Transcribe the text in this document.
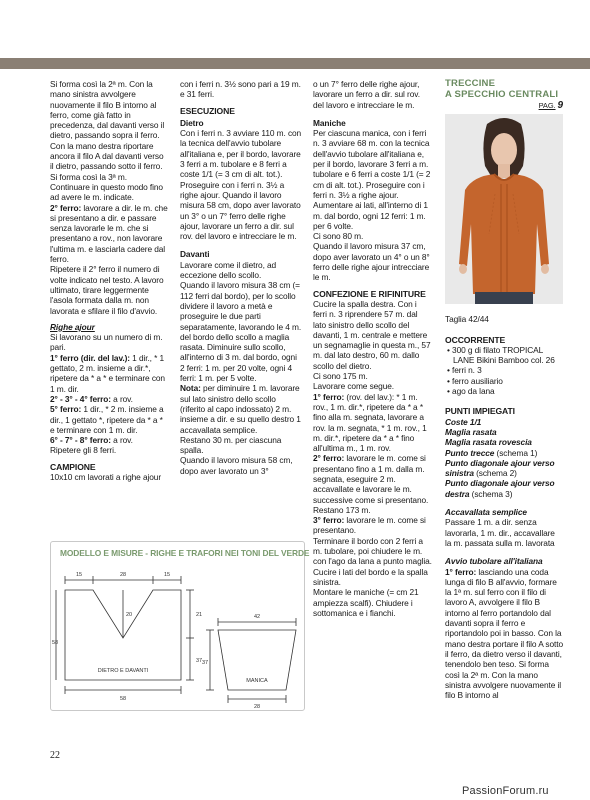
Si forma così la 2ª m. Con la mano sinistra avvolgere nuovamente il filo B intorno al ferro, come già fatto in precedenza, dal davanti verso il dietro, passando sopra il ferro. Con la mano destra riportare ancora il filo A dal davanti verso il dietro, passando sotto il ferro. Si forma così la 3ª m. Continuare in questo modo fino ad avere le m. indicate.

2° ferro: lavorare a dir. le m. che si presentano a dir. e passare senza lavorarle le m. che si presentano a rov., non lavorare l'ultima m. e lasciarla cadere dal ferro.

Ripetere il 2° ferro il numero di volte indicato nel testo. A lavoro ultimato, tirare leggermente l'asola formata dalla m. non lavorata e sfilare il filo d'avvio.

Righe ajour

Si lavorano su un numero di m. pari.

1° ferro (dir. del lav.): 1 dir., * 1 gettato, 2 m. insieme a dir.*, ripetere da * a * e terminare con 1 m. dir.

2° - 3° - 4° ferro: a rov.

5° ferro: 1 dir., * 2 m. insieme a dir., 1 gettato *, ripetere da * a * e terminare con 1 m. dir.

6° - 7° - 8° ferro: a rov.

Ripetere gli 8 ferri.

CAMPIONE

10x10 cm lavorati a righe ajour

con i ferri n. 3½ sono pari a 19 m. e 31 ferri.

ESECUZIONE

Dietro

Con i ferri n. 3 avviare 110 m. con la tecnica dell'avvio tubolare all'italiana e, per il bordo, lavorare 3 ferri a m. tubolare e 8 ferri a coste 1/1 (= 3 cm di alt. tot.). Proseguire con i ferri n. 3½ a righe ajour. Quando il lavoro misura 58 cm, dopo aver lavorato un 3° o un 7° ferro delle righe ajour, lavorare un ferro a dir. sul rov. del lavoro e intrecciare le m.

Davanti

Lavorare come il dietro, ad eccezione dello scollo.

Quando il lavoro misura 38 cm (= 112 ferri dal bordo), per lo scollo dividere il lavoro a metà e proseguire le due parti separatamente, lavorando le 4 m. del bordo dello scollo a maglia rasata. Diminuire sullo scollo, all'interno di 3 m. dal bordo, ogni 2 ferri: 1 m. per 20 volte, ogni 4 ferri: 1 m. per 5 volte.

Nota: per diminuire 1 m. lavorare sul lato sinistro dello scollo (riferito al capo indossato) 2 m. insieme a dir. e su quello destro 1 accavallata semplice.

Restano 30 m. per ciascuna spalla.

Quando il lavoro misura 58 cm, dopo aver lavorato un 3°

o un 7° ferro delle righe ajour, lavorare un ferro a dir. sul rov. del lavoro e intrecciare le m.

Maniche

Per ciascuna manica, con i ferri n. 3 avviare 68 m. con la tecnica dell'avvio tubolare all'italiana e, per il bordo, lavorare 3 ferri a m. tubolare e 6 ferri a coste 1/1 (= 2 cm di alt. tot.). Proseguire con i ferri n. 3½ a righe ajour. Aumentare ai lati, all'interno di 1 m. dal bordo, ogni 12 ferri: 1 m. per 6 volte.

Ci sono 80 m.

Quando il lavoro misura 37 cm, dopo aver lavorato un 4° o un 8° ferro delle righe ajour intrecciare le m.

CONFEZIONE E RIFINITURE

Cucire la spalla destra. Con i ferri n. 3 riprendere 57 m. dal lato sinistro dello scollo del davanti, 1 m. centrale e mettere un segnamaglie in questa m., 57 m. dal lato destro, 60 m. dallo scollo del dietro.

Ci sono 175 m.

Lavorare come segue.

1° ferro: (rov. del lav.): * 1 m. rov., 1 m. dir.*, ripetere da * a * fino alla m. segnata, lavorare a rov. la m. segnata, * 1 m. rov., 1 m. dir.*, ripetere da * a * fino all'ultima m., 1 m. rov.

2° ferro: lavorare le m. come si presentano fino a 1 m. dalla m. segnata, eseguire 2 m. accavallate e lavorare le m. successive come si presentano.

Restano 173 m.

3° ferro: lavorare le m. come si presentano.

Terminare il bordo con 2 ferri a m. tubolare, poi chiudere le m. con l'ago da lana a punto maglia.

Cucire i lati del bordo e la spalla sinistra.

Montare le maniche (= cm 21 ampiezza scalfi). Chiudere i sottomanica e i fianchi.

TRECCINE
A SPECCHIO CENTRALI
PAG. 9

Taglia 42/44

OCCORRENTE

• 300 g di filato TROPICAL LANE Bikini Bamboo col. 26

• ferri n. 3

• ferro ausiliario

• ago da lana

PUNTI IMPIEGATI

Coste 1/1

Maglia rasata

Maglia rasata rovescia

Punto trecce (schema 1)

Punto diagonale ajour verso sinistra (schema 2)

Punto diagonale ajour verso destra (schema 3)

Accavallata semplice

Passare 1 m. a dir. senza lavorarla, 1 m. dir., accavallare la m. passata sulla m. lavorata

Avvio tubolare all'italiana

1° ferro: lasciando una coda lunga di filo B all'avvio, formare la 1ª m. sul ferro con il filo di lavoro A, avvolgere il filo B intorno al ferro portandolo dal davanti sopra il ferro e riportandolo poi in basso. Con la mano destra portare il filo A sotto il ferro, da dietro verso il davanti, tenendolo ben teso. Si forma così la 2ª m. Con la mano sinistra avvolgere nuovamente il filo B intorno al

MODELLO E MISURE - RIGHE E TRAFORI NEI TONI DEL VERDE
15	28	15
20	21
37
58
58
DIETRO E DAVANTI
42
37
28
MANICA
22
PassionForum.ru
